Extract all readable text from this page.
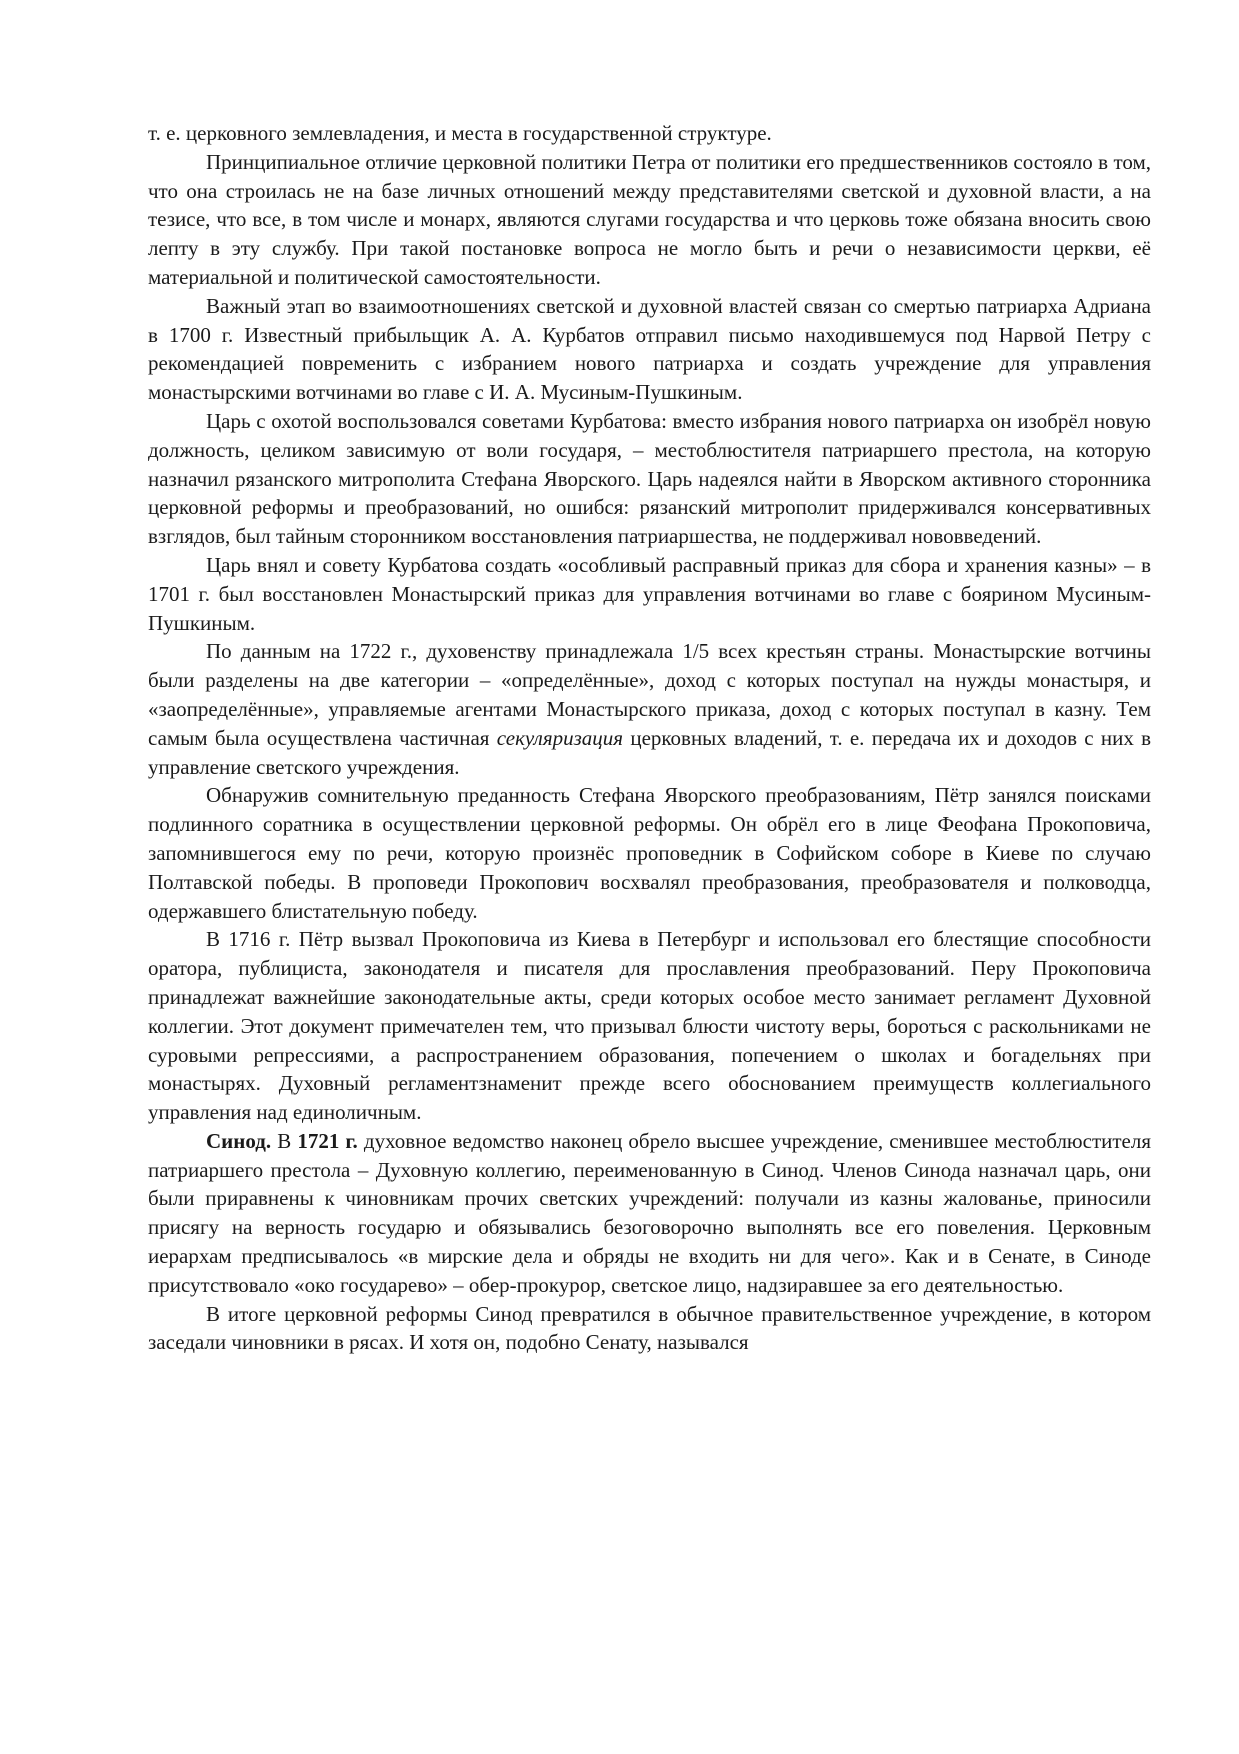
т. е. церковного землевладения, и места в государственной структуре.

Принципиальное отличие церковной политики Петра от политики его предшественников состояло в том, что она строилась не на базе личных отношений между представителями светской и духовной власти, а на тезисе, что все, в том числе и монарх, являются слугами государства и что церковь тоже обязана вносить свою лепту в эту службу. При такой постановке вопроса не могло быть и речи о независимости церкви, её материальной и политической самостоятельности.

Важный этап во взаимоотношениях светской и духовной властей связан со смертью патриарха Адриана в 1700 г. Известный прибыльщик А. А. Курбатов отправил письмо находившемуся под Нарвой Петру с рекомендацией повременить с избранием нового патриарха и создать учреждение для управления монастырскими вотчинами во главе с И. А. Мусиным-Пушкиным.

Царь с охотой воспользовался советами Курбатова: вместо избрания нового патриарха он изобрёл новую должность, целиком зависимую от воли государя, – местоблюстителя патриаршего престола, на которую назначил рязанского митрополита Стефана Яворского. Царь надеялся найти в Яворском активного сторонника церковной реформы и преобразований, но ошибся: рязанский митрополит придерживался консервативных взглядов, был тайным сторонником восстановления патриаршества, не поддерживал нововведений.

Царь внял и совету Курбатова создать «особливый расправный приказ для сбора и хранения казны» – в 1701 г. был восстановлен Монастырский приказ для управления вотчинами во главе с боярином Мусиным-Пушкиным.

По данным на 1722 г., духовенству принадлежала 1/5 всех крестьян страны. Монастырские вотчины были разделены на две категории – «определённые», доход с которых поступал на нужды монастыря, и «заопределённые», управляемые агентами Монастырского приказа, доход с которых поступал в казну. Тем самым была осуществлена частичная секуляризация церковных владений, т. е. передача их и доходов с них в управление светского учреждения.

Обнаружив сомнительную преданность Стефана Яворского преобразованиям, Пётр занялся поисками подлинного соратника в осуществлении церковной реформы. Он обрёл его в лице Феофана Прокоповича, запомнившегося ему по речи, которую произнёс проповедник в Софийском соборе в Киеве по случаю Полтавской победы. В проповеди Прокопович восхвалял преобразования, преобразователя и полководца, одержавшего блистательную победу.

В 1716 г. Пётр вызвал Прокоповича из Киева в Петербург и использовал его блестящие способности оратора, публициста, законодателя и писателя для прославления преобразований. Перу Прокоповича принадлежат важнейшие законодательные акты, среди которых особое место занимает регламент Духовной коллегии. Этот документ примечателен тем, что призывал блюсти чистоту веры, бороться с раскольниками не суровыми репрессиями, а распространением образования, попечением о школах и богадельнях при монастырях. Духовный регламентзнаменит прежде всего обоснованием преимуществ коллегиального управления над единоличным.

Синод. В 1721 г. духовное ведомство наконец обрело высшее учреждение, сменившее местоблюстителя патриаршего престола – Духовную коллегию, переименованную в Синод. Членов Синода назначал царь, они были приравнены к чиновникам прочих светских учреждений: получали из казны жалованье, приносили присягу на верность государю и обязывались безоговорочно выполнять все его повеления. Церковным иерархам предписывалось «в мирские дела и обряды не входить ни для чего». Как и в Сенате, в Синоде присутствовало «око государево» – обер-прокурор, светское лицо, надзиравшее за его деятельностью.

В итоге церковной реформы Синод превратился в обычное правительственное учреждение, в котором заседали чиновники в рясах. И хотя он, подобно Сенату, назывался
